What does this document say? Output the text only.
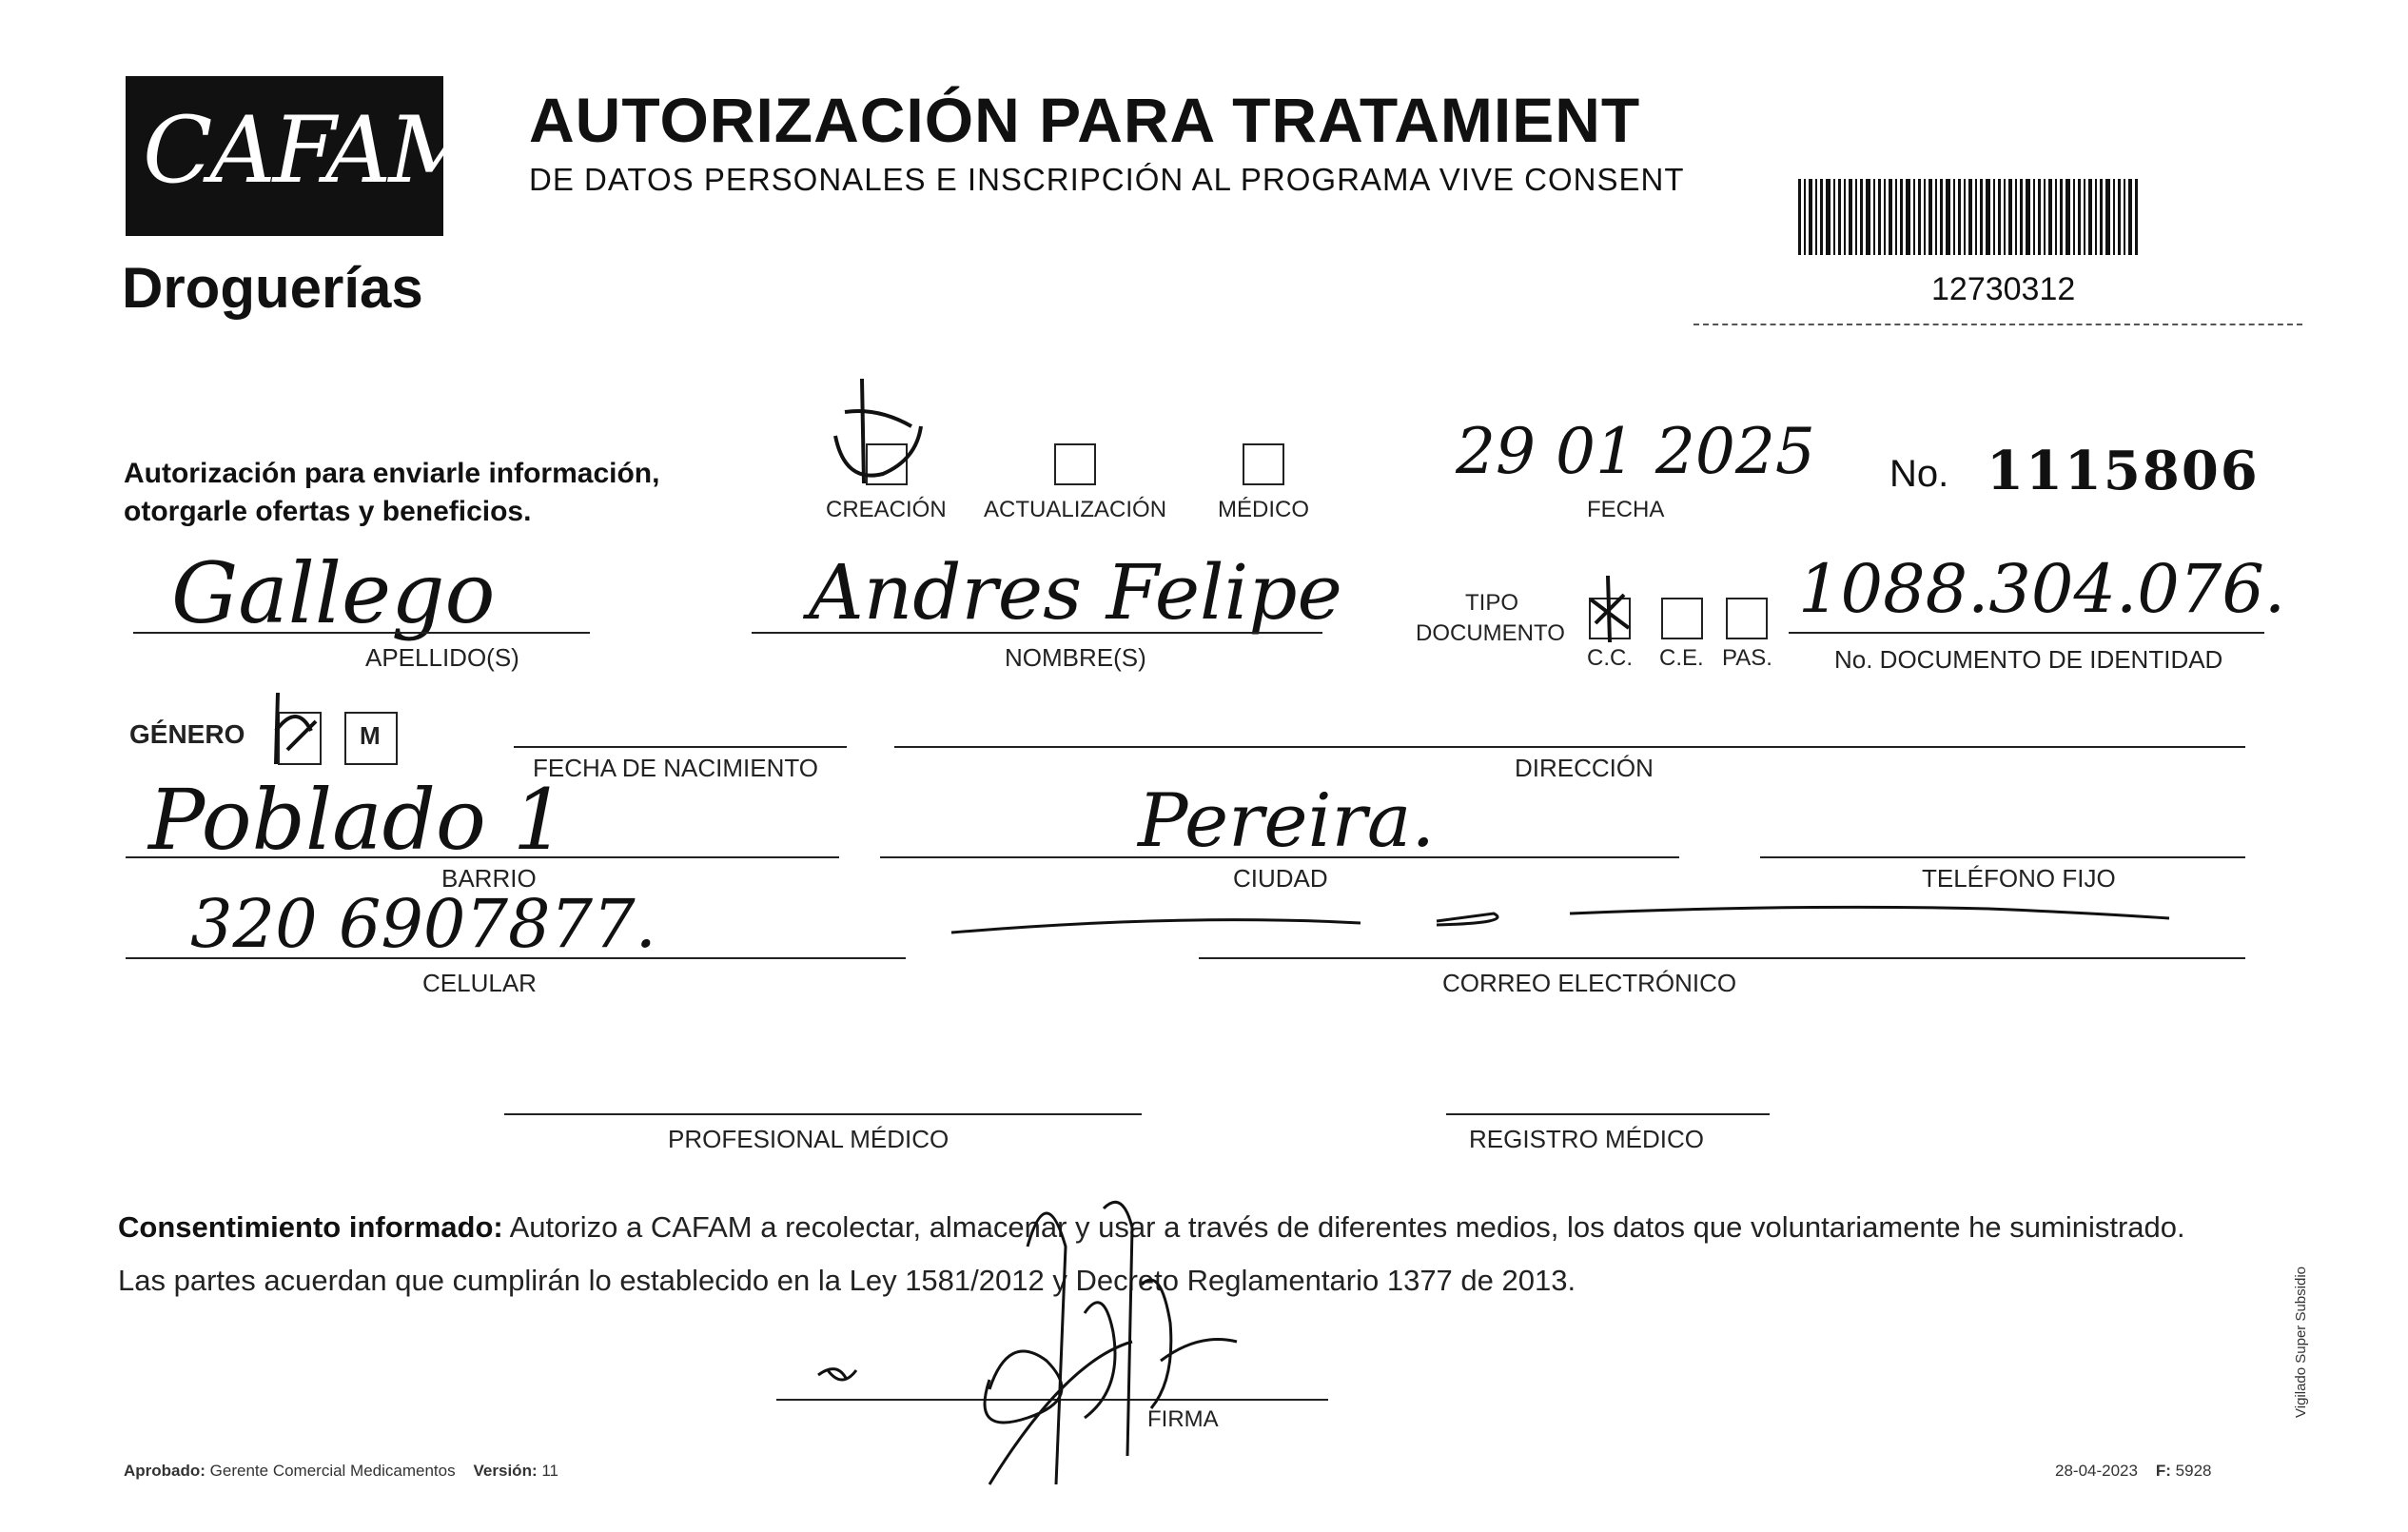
CAFAM
Droguerías
AUTORIZACIÓN PARA TRATAMIENT
DE DATOS PERSONALES E INSCRIPCIÓN AL PROGRAMA VIVE CONSENT
12730312
Autorización para enviarle información,
otorgarle ofertas y beneficios.	CREACIÓN ACTUALIZACIÓN MÉDICO
29 01 2025
FECHA
No. 1115806
Gallego
APELLIDO(S)
Andres Felipe
NOMBRE(S)
TIPO
DOCUMENTO
C.C. C.E. PAS.
1088.304.076.
No. DOCUMENTO DE IDENTIDAD
GÉNERO	M
FECHA DE NACIMIENTO	DIRECCIÓN
Poblado 1
BARRIO
Pereira.
CIUDAD	TELÉFONO FIJO
320 6907877.
CELULAR	CORREO ELECTRÓNICO
PROFESIONAL MÉDICO	REGISTRO MÉDICO
Consentimiento informado: Autorizo a CAFAM a recolectar, almacenar y usar a través de diferentes medios, los datos que voluntariamente he suministrado.
Las partes acuerdan que cumplirán lo establecido en la Ley 1581/2012 y Decreto Reglamentario 1377 de 2013.
FIRMA
Aprobado: Gerente Comercial Medicamentos Versión: 11	28-04-2023 F: 5928
Vigilado Super Subsidio
